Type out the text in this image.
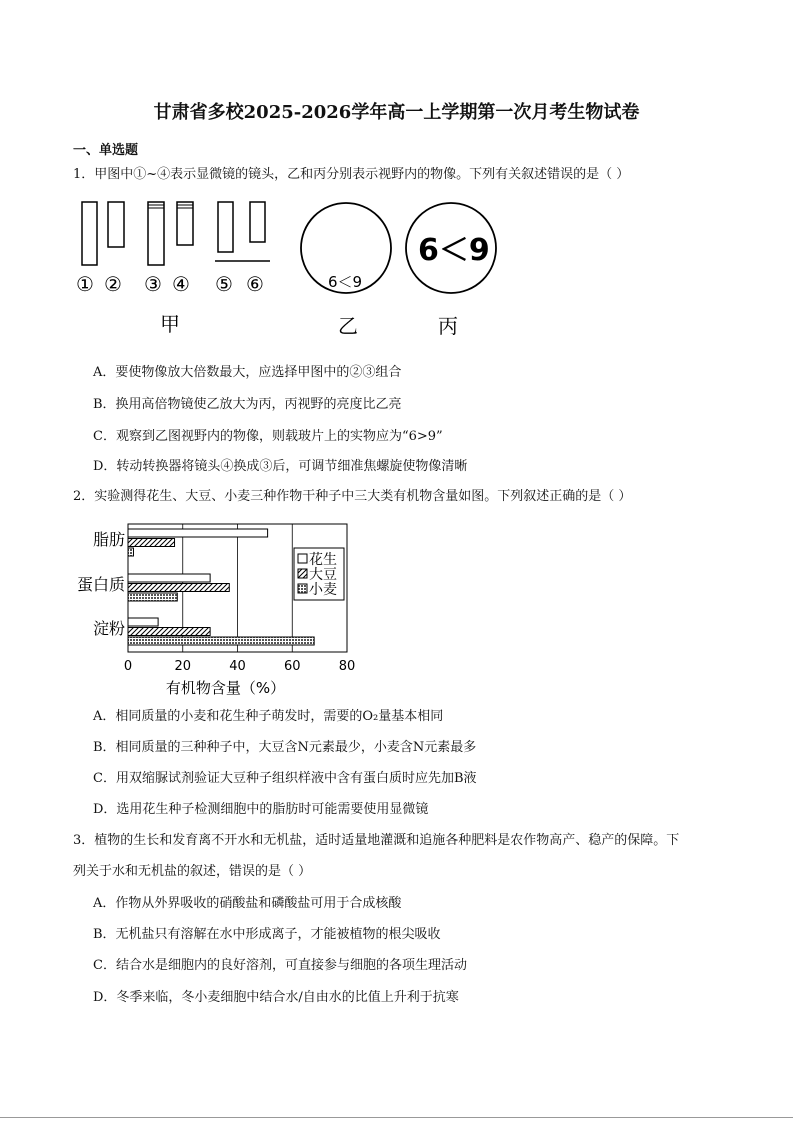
甘肃省多校2025-2026学年高一上学期第一次月考生物试卷
一、单选题
1．甲图中①~④表示显微镜的镜头，乙和丙分别表示视野内的物像。下列有关叙述错误的是（ ）
① ② ③ ④ ⑤ ⑥	6＜9
6＜9
甲	乙	丙
A．要使物像放大倍数最大，应选择甲图中的②③组合
B．换用高倍物镜使乙放大为丙，丙视野的亮度比乙亮
C．观察到乙图视野内的物像，则载玻片上的实物应为“6>9”
D．转动转换器将镜头④换成③后，可调节细准焦螺旋使物像清晰
2．实验测得花生、大豆、小麦三种作物干种子中三大类有机物含量如图。下列叙述正确的是（ ）
0	20	40	60	80
有机物含量（%）
脂肪
蛋白质
淀粉
花生
大豆
小麦
A．相同质量的小麦和花生种子萌发时，需要的O₂量基本相同
B．相同质量的三种种子中，大豆含N元素最少，小麦含N元素最多
C．用双缩脲试剂验证大豆种子组织样液中含有蛋白质时应先加B液
D．选用花生种子检测细胞中的脂肪时可能需要使用显微镜
3．植物的生长和发育离不开水和无机盐，适时适量地灌溉和追施各种肥料是农作物高产、稳产的保障。下
列关于水和无机盐的叙述，错误的是（ ）
A．作物从外界吸收的硝酸盐和磷酸盐可用于合成核酸
B．无机盐只有溶解在水中形成离子，才能被植物的根尖吸收
C．结合水是细胞内的良好溶剂，可直接参与细胞的各项生理活动
D．冬季来临，冬小麦细胞中结合水/自由水的比值上升利于抗寒
